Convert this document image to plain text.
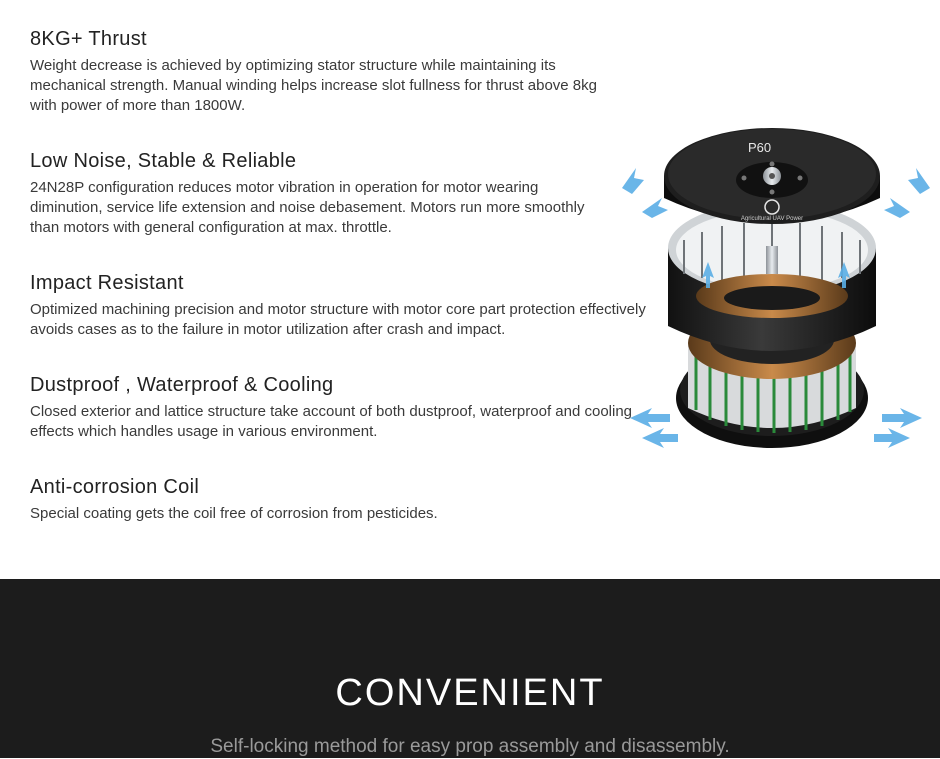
8KG+ Thrust

Weight decrease is achieved by optimizing stator structure while maintaining its mechanical strength. Manual winding helps increase slot fullness for thrust above 8kg with power of more than 1800W.

Low Noise, Stable & Reliable

24N28P configuration reduces motor vibration in operation for motor wearing diminution, service life extension and noise debasement. Motors run more smoothly than motors with general configuration at max. throttle.

Impact Resistant

Optimized machining precision and motor structure with motor core part protection effectively avoids cases as to the failure in motor utilization after crash and impact.

Dustproof , Waterproof & Cooling

Closed exterior and lattice structure take account of both dustproof, waterproof and cooling effects which handles usage in various environment.

Anti-corrosion Coil

Special coating gets the coil free of corrosion from pesticides.

P60
Agricultural UAV Power
CONVENIENT

Self-locking method for easy prop assembly and disassembly.
